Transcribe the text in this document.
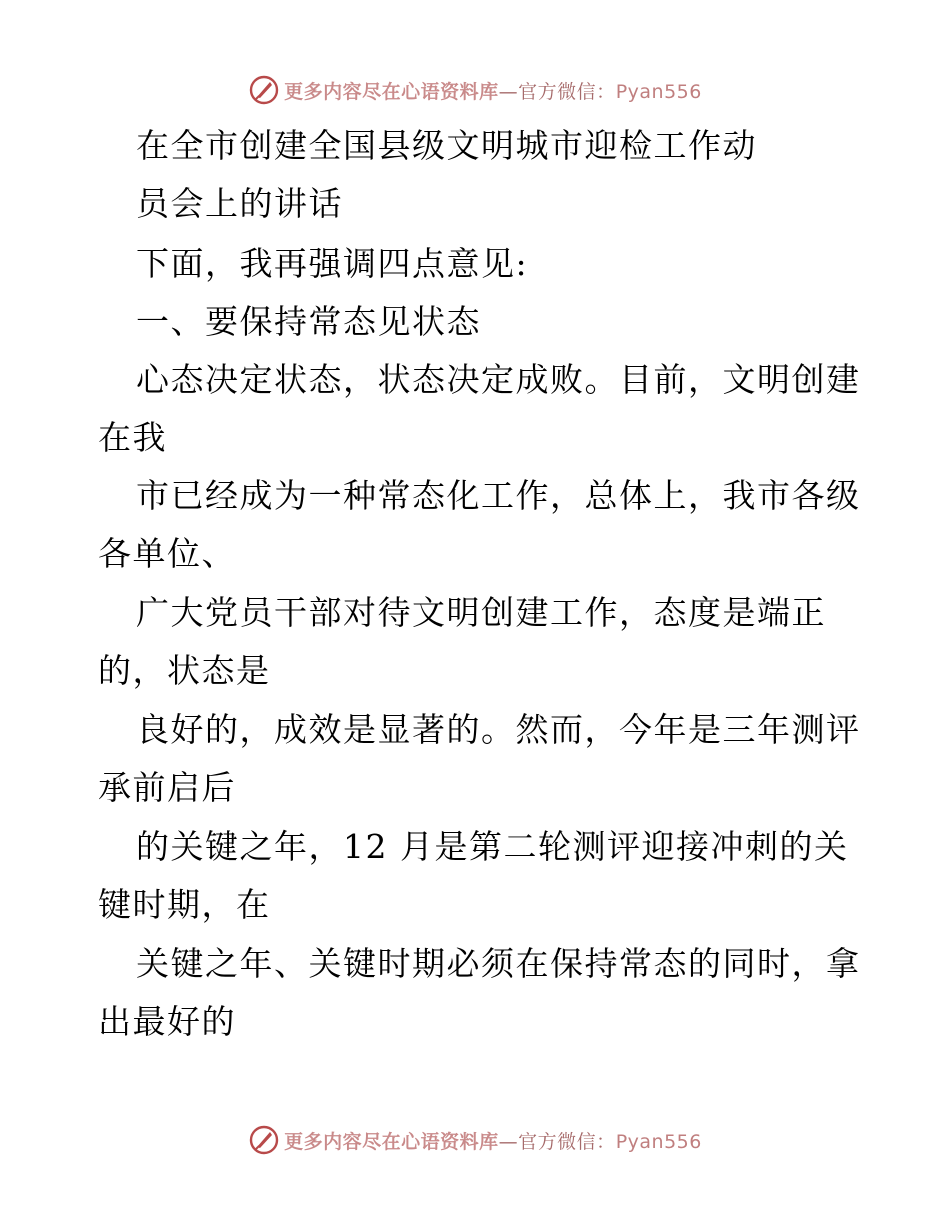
更多内容尽在心语资料库—官方微信：Pyan556
在全市创建全国县级文明城市迎检工作动
员会上的讲话
下面，我再强调四点意见:
一、要保持常态见状态
心态决定状态，状态决定成败。目前，文明创建
在我
市已经成为一种常态化工作，总体上，我市各级
各单位、
广大党员干部对待文明创建工作，态度是端正
的，状态是
良好的，成效是显著的。然而，今年是三年测评
承前启后
的关键之年，12 月是第二轮测评迎接冲刺的关
键时期，在
关键之年、关键时期必须在保持常态的同时，拿
出最好的
更多内容尽在心语资料库—官方微信：Pyan556
